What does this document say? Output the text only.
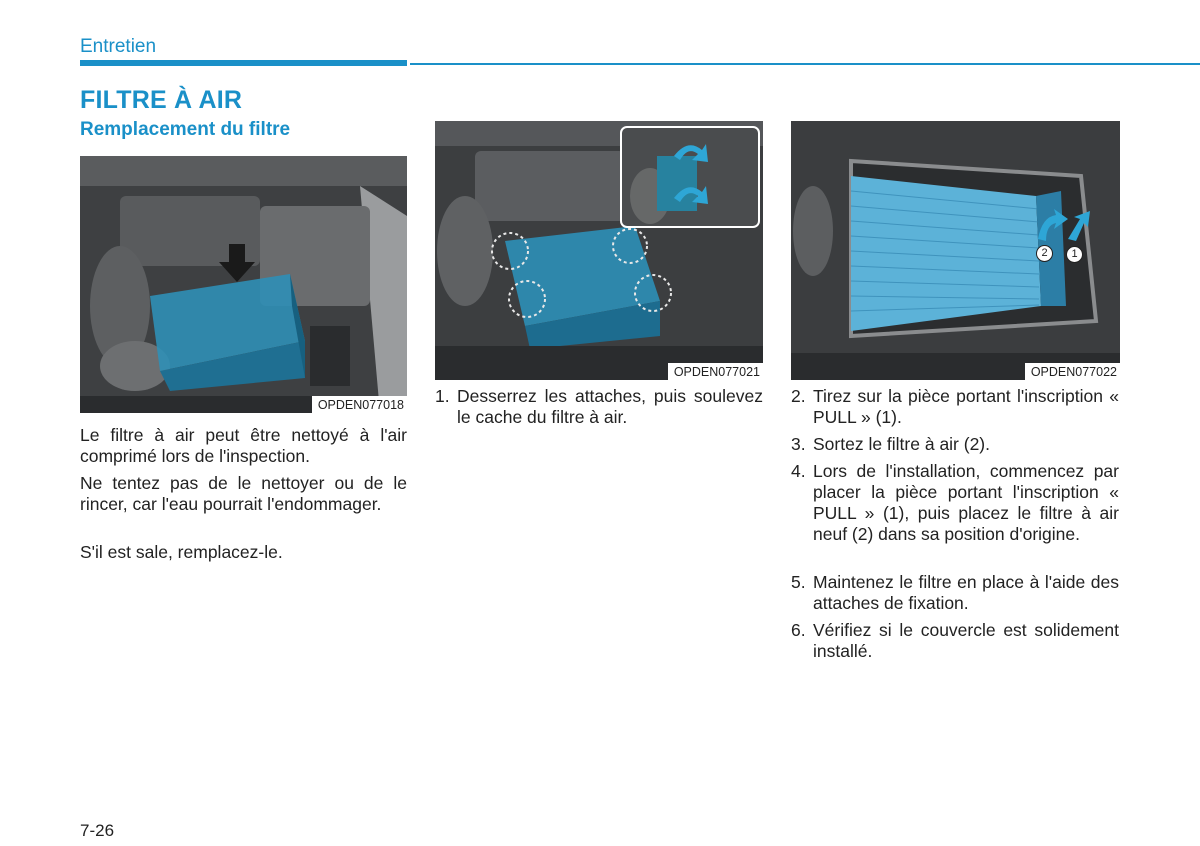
Entretien
FILTRE À AIR
Remplacement du filtre
OPDEN077018
OPDEN077021
2	1
OPDEN077022

Le filtre à air peut être nettoyé à l'air comprimé lors de l'inspection.

Ne tentez pas de le nettoyer ou de le rincer, car l'eau pourrait l'endommager.

S'il est sale, remplacez-le.

1. Desserrez les attaches, puis soulevez le cache du filtre à air.
2. Tirez sur la pièce portant l'inscription « PULL » (1).
3. Sortez le filtre à air (2).
4. Lors de l'installation, commencez par placer la pièce portant l'inscription « PULL » (1), puis placez le filtre à air neuf (2) dans sa position d'origine.
5. Maintenez le filtre en place à l'aide des attaches de fixation.
6. Vérifiez si le couvercle est solidement installé.
7-26
